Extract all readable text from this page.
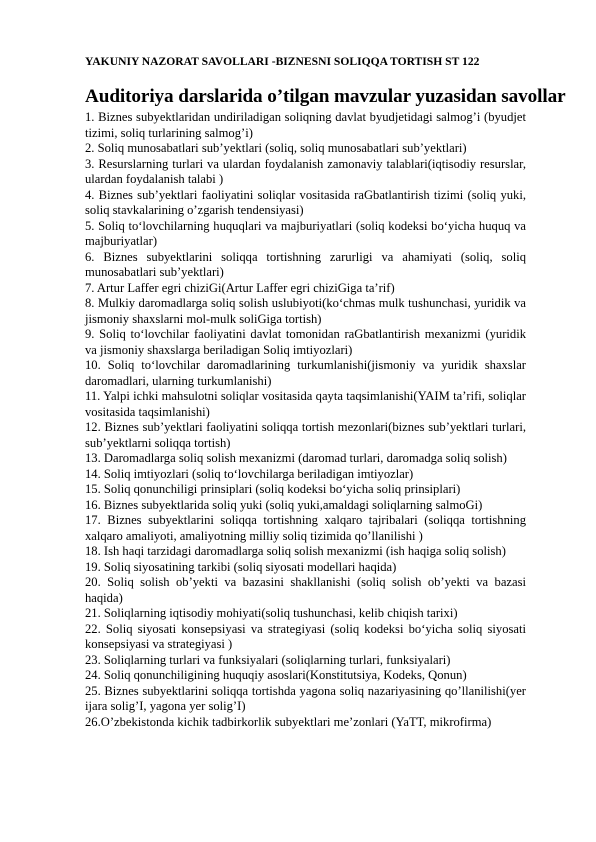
YAKUNIY NAZORAT SAVOLLARI -BIZNESNI SOLIQQA TORTISH ST 122
Auditoriya darslarida o’tilgan mavzular yuzasidan savollar
1. Biznes subyektlaridan undiriladigan soliqning davlat byudjetidagi salmog’i (byudjet tizimi, soliq turlarining salmog’i)
2. Soliq munosabatlari sub’yektlari (soliq, soliq munosabatlari sub’yektlari)
3. Resurslarning turlari va ulardan foydalanish zamonaviy talablari(iqtisodiy resurslar, ulardan foydalanish talabi )
4. Biznes sub’yektlari faoliyatini soliqlar vositasida raGbatlantirish tizimi (soliq yuki, soliq stavkalarining o’zgarish tendensiyasi)
5. Soliq to‘lovchilarning huquqlari va majburiyatlari (soliq kodeksi bo‘yicha huquq va majburiyatlar)
6. Biznes subyektlarini soliqqa tortishning zarurligi va ahamiyati (soliq, soliq munosabatlari sub’yektlari)
7. Artur Laffer egri chiziGi(Artur Laffer egri chiziGiga ta’rif)
8. Mulkiy daromadlarga soliq solish uslubiyoti(ko‘chmas mulk tushunchasi, yuridik va jismoniy shaxslarni mol-mulk soliGiga tortish)
9. Soliq to‘lovchilar faoliyatini davlat tomonidan raGbatlantirish mexanizmi (yuridik va jismoniy shaxslarga beriladigan Soliq imtiyozlari)
10. Soliq to‘lovchilar daromadlarining turkumlanishi(jismoniy va yuridik shaxslar daromadlari, ularning turkumlanishi)
11. Yalpi ichki mahsulotni soliqlar vositasida qayta taqsimlanishi(YAIM ta’rifi, soliqlar vositasida taqsimlanishi)
12. Biznes sub’yektlari faoliyatini soliqqa tortish mezonlari(biznes sub’yektlari turlari, sub’yektlarni soliqqa tortish)
13. Daromadlarga soliq solish mexanizmi (daromad turlari, daromadga soliq solish)
14. Soliq imtiyozlari (soliq to‘lovchilarga beriladigan imtiyozlar)
15. Soliq qonunchiligi prinsiplari (soliq kodeksi bo‘yicha soliq prinsiplari)
16. Biznes subyektlarida soliq yuki (soliq yuki,amaldagi soliqlarning salmoGi)
17. Biznes subyektlarini soliqqa tortishning xalqaro tajribalari (soliqqa tortishning xalqaro amaliyoti, amaliyotning milliy soliq tizimida qo’llanilishi )
18. Ish haqi tarzidagi daromadlarga soliq solish mexanizmi (ish haqiga soliq solish)
19. Soliq siyosatining tarkibi (soliq siyosati modellari haqida)
20. Soliq solish ob’yekti va bazasini shakllanishi (soliq solish ob’yekti va bazasi haqida)
21. Soliqlarning iqtisodiy mohiyati(soliq tushunchasi, kelib chiqish tarixi)
22. Soliq siyosati konsepsiyasi va strategiyasi (soliq kodeksi bo‘yicha soliq siyosati konsepsiyasi va strategiyasi )
23. Soliqlarning turlari va funksiyalari (soliqlarning turlari, funksiyalari)
24. Soliq qonunchiligining huquqiy asoslari(Konstitutsiya, Kodeks, Qonun)
25. Biznes subyektlarini soliqqa tortishda yagona soliq nazariyasining qo’llanilishi(yer ijara solig’I, yagona yer solig’I)
26.O’zbekistonda kichik tadbirkorlik subyektlari me’zonlari (YaTT, mikrofirma)
